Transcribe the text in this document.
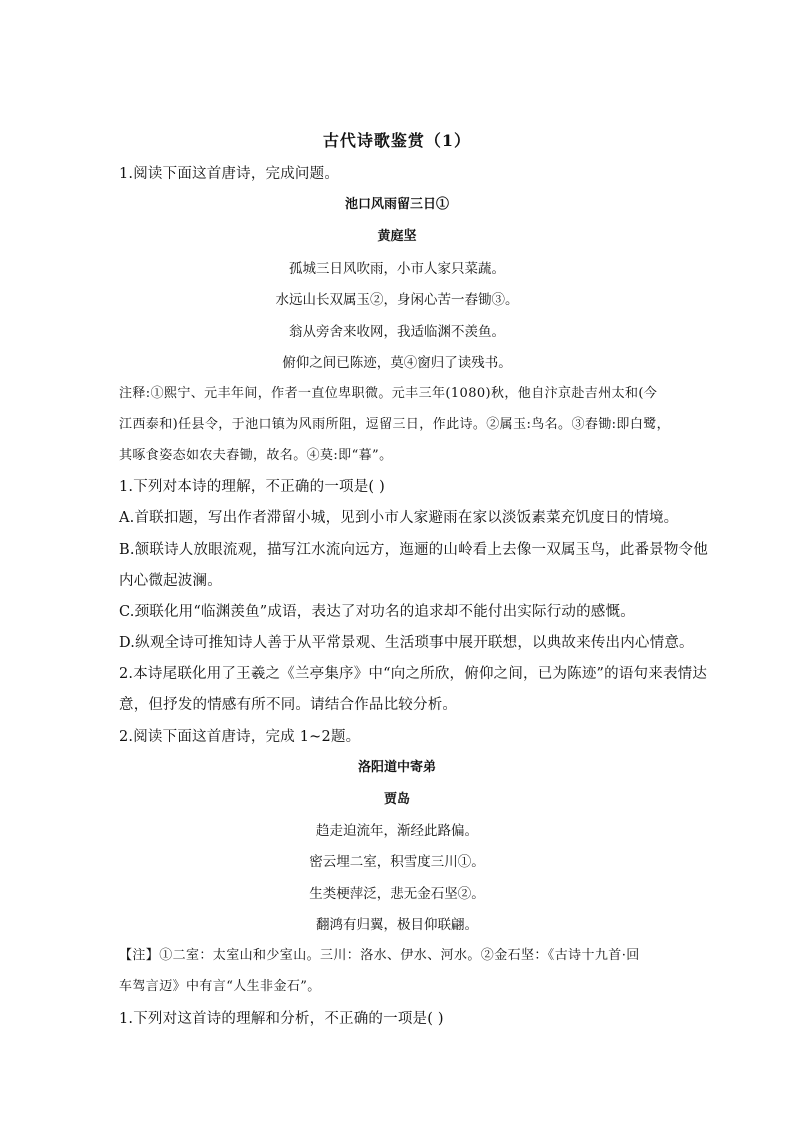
古代诗歌鉴赏（1）
1.阅读下面这首唐诗，完成问题。
池口风雨留三日①
黄庭坚
孤城三日风吹雨，小市人家只菜蔬。
水远山长双属玉②，身闲心苦一舂锄③。
翁从旁舍来收网，我适临渊不羡鱼。
俯仰之间已陈迹，莫④窗归了读残书。
注释:①熙宁、元丰年间，作者一直位卑职微。元丰三年(1080)秋，他自汴京赴吉州太和(今
江西泰和)任县令，于池口镇为风雨所阻，逗留三日，作此诗。②属玉:鸟名。③舂锄:即白鹭，
其啄食姿态如农夫舂锄，故名。④莫:即“暮”。
1.下列对本诗的理解，不正确的一项是( )
A.首联扣题，写出作者滞留小城，见到小市人家避雨在家以淡饭素菜充饥度日的情境。
B.颔联诗人放眼流观，描写江水流向远方，迤逦的山岭看上去像一双属玉鸟，此番景物令他
内心微起波澜。
C.颈联化用“临渊羡鱼”成语，表达了对功名的追求却不能付出实际行动的感慨。
D.纵观全诗可推知诗人善于从平常景观、生活琐事中展开联想，以典故来传出内心情意。
2.本诗尾联化用了王羲之《兰亭集序》中“向之所欣，俯仰之间，已为陈迹”的语句来表情达
意，但抒发的情感有所不同。请结合作品比较分析。
2.阅读下面这首唐诗，完成 1~2题。
洛阳道中寄弟
贾岛
趋走迫流年，渐经此路偏。
密云埋二室，积雪度三川①。
生类梗萍泛，悲无金石坚②。
翻鸿有归翼，极目仰联翩。
【注】①二室：太室山和少室山。三川：洛水、伊水、河水。②金石坚：《古诗十九首·回
车驾言迈》中有言“人生非金石”。
1.下列对这首诗的理解和分析，不正确的一项是( )
